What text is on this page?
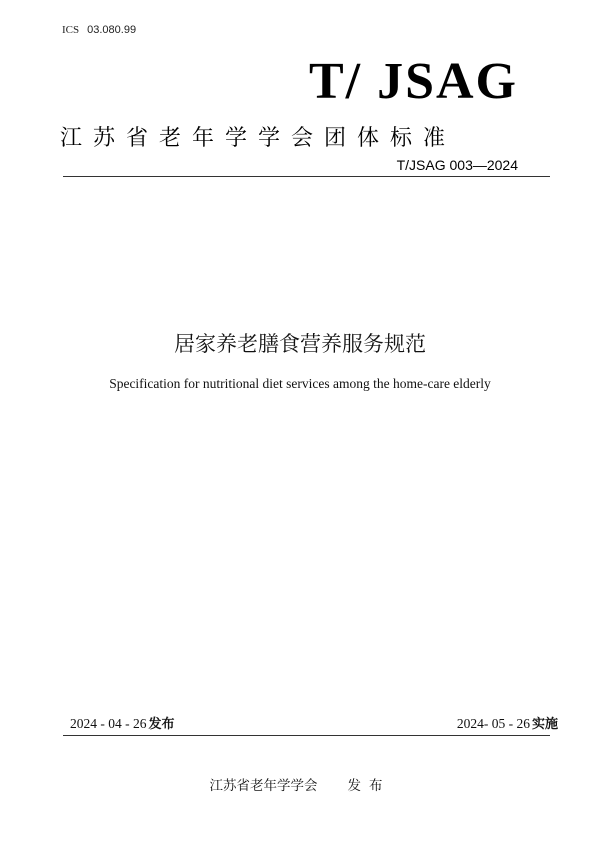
ICS 03.080.99
T/ JSAG
江苏省老年学学会团体标准
T/JSAG 003—2024
居家养老膳食营养服务规范
Specification for nutritional diet services among the home-care elderly
2024 - 04 - 26 发布	2024- 05 - 26 实施
江苏省老年学学会 发布
